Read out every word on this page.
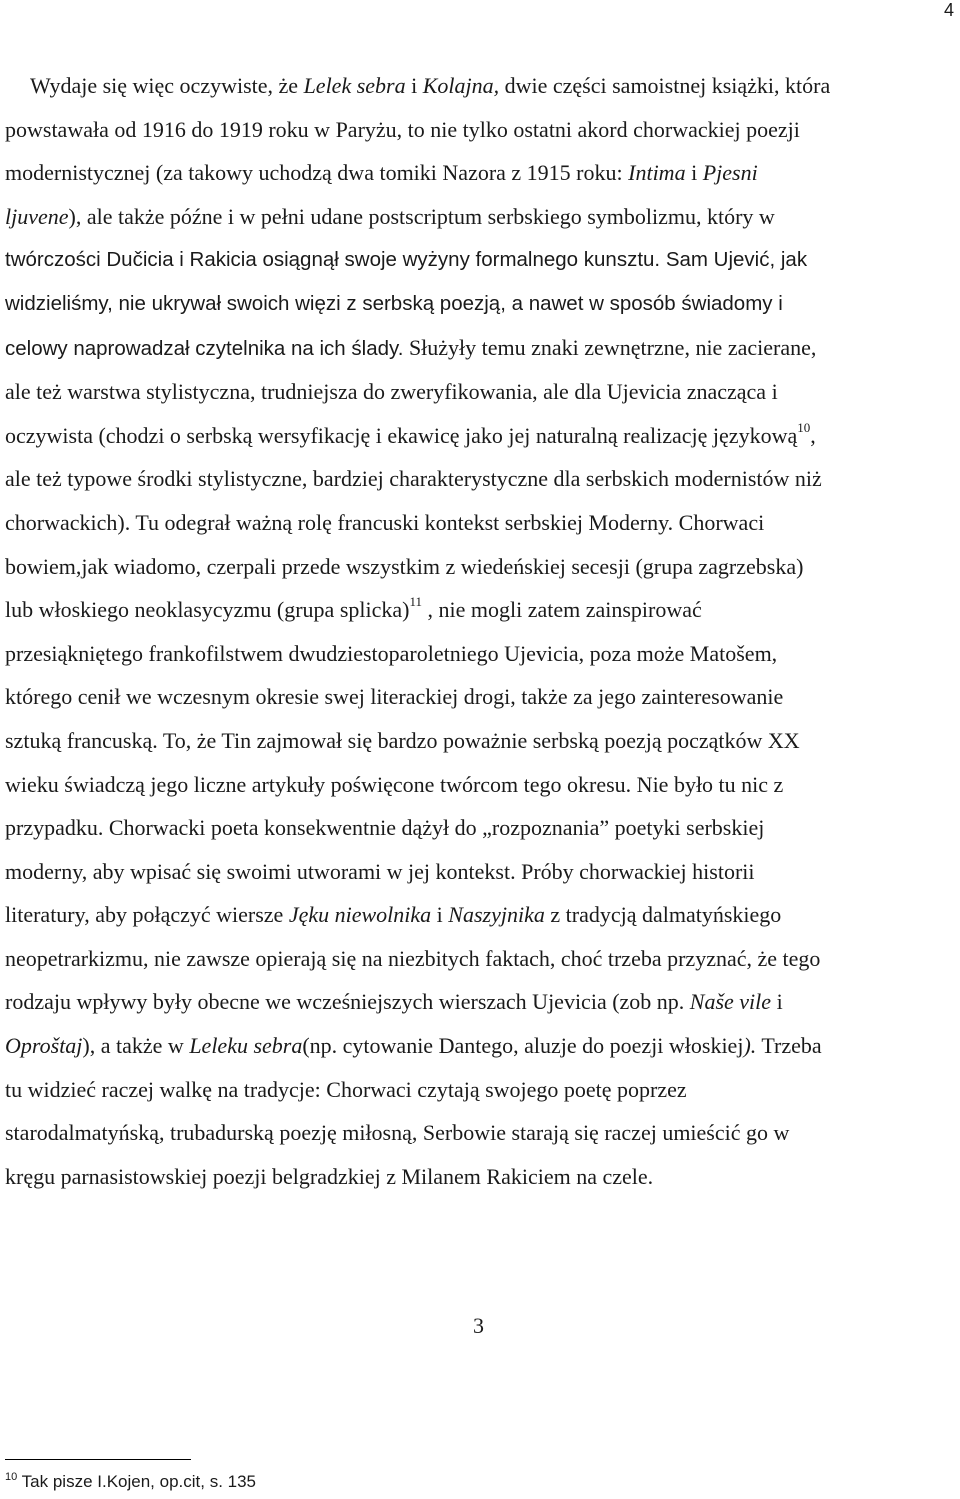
4
Wydaje się więc oczywiste, że Lelek sebra i Kolajna, dwie części samoistnej książki, która
powstawała od 1916 do 1919 roku w Paryżu, to nie tylko ostatni akord chorwackiej poezji
modernistycznej (za takowy uchodzą dwa tomiki Nazora z 1915 roku: Intima i Pjesni
ljuvene), ale także późne i w pełni udane postscriptum serbskiego symbolizmu, który w
twórczości Dučicia i Rakicia osiągnął swoje wyżyny formalnego kunsztu. Sam Ujević, jak
widzieliśmy, nie ukrywał swoich więzi z serbską poezją, a nawet w sposób świadomy i
celowy naprowadzał czytelnika na ich ślady. Służyły temu znaki zewnętrzne, nie zacierane,
ale też warstwa stylistyczna, trudniejsza do zweryfikowania, ale dla Ujevicia znacząca i
oczywista (chodzi o serbską wersyfikację i ekawicę jako jej naturalną realizację językową$^{10}$,
ale też typowe środki stylistyczne, bardziej charakterystyczne dla serbskich modernistów niż
chorwackich). Tu odegrał ważną rolę francuski kontekst serbskiej Moderny. Chorwaci
bowiem,jak wiadomo, czerpali przede wszystkim z wiedeńskiej secesji (grupa zagrzebska)
lub włoskiego neoklasycyzmu (grupa splicka)$^{11}$ , nie mogli zatem zainspirować
przesiąkniętego frankofilstwem dwudziestoparoletniego Ujevicia, poza może Matošem,
którego cenił we wczesnym okresie swej literackiej drogi, także za jego zainteresowanie
sztuką francuską. To, że Tin zajmował się bardzo poważnie serbską poezją początków XX
wieku świadczą jego liczne artykuły poświęcone twórcom tego okresu. Nie było tu nic z
przypadku. Chorwacki poeta konsekwentnie dążył do „rozpoznania” poetyki serbskiej
moderny, aby wpisać się swoimi utworami w jej kontekst. Próby chorwackiej historii
literatury, aby połączyć wiersze Jęku niewolnika i Naszyjnika z tradycją dalmatyńskiego
neopetrarkizmu, nie zawsze opierają się na niezbitych faktach, choć trzeba przyznać, że tego
rodzaju wpływy były obecne we wcześniejszych wierszach Ujevicia (zob np. Naše vile i
Oproštaj), a także w Leleku sebra(np. cytowanie Dantego, aluzje do poezji włoskiej). Trzeba
tu widzieć raczej walkę na tradycje: Chorwaci czytają swojego poetę poprzez
starodalmatyńską, trubadurską poezję miłosną, Serbowie starają się raczej umieścić go w
kręgu parnasistowskiej poezji belgradzkiej z Milanem Rakiciem na czele.
3
$^{10}$ Tak pisze I.Kojen, op.cit, s. 135
